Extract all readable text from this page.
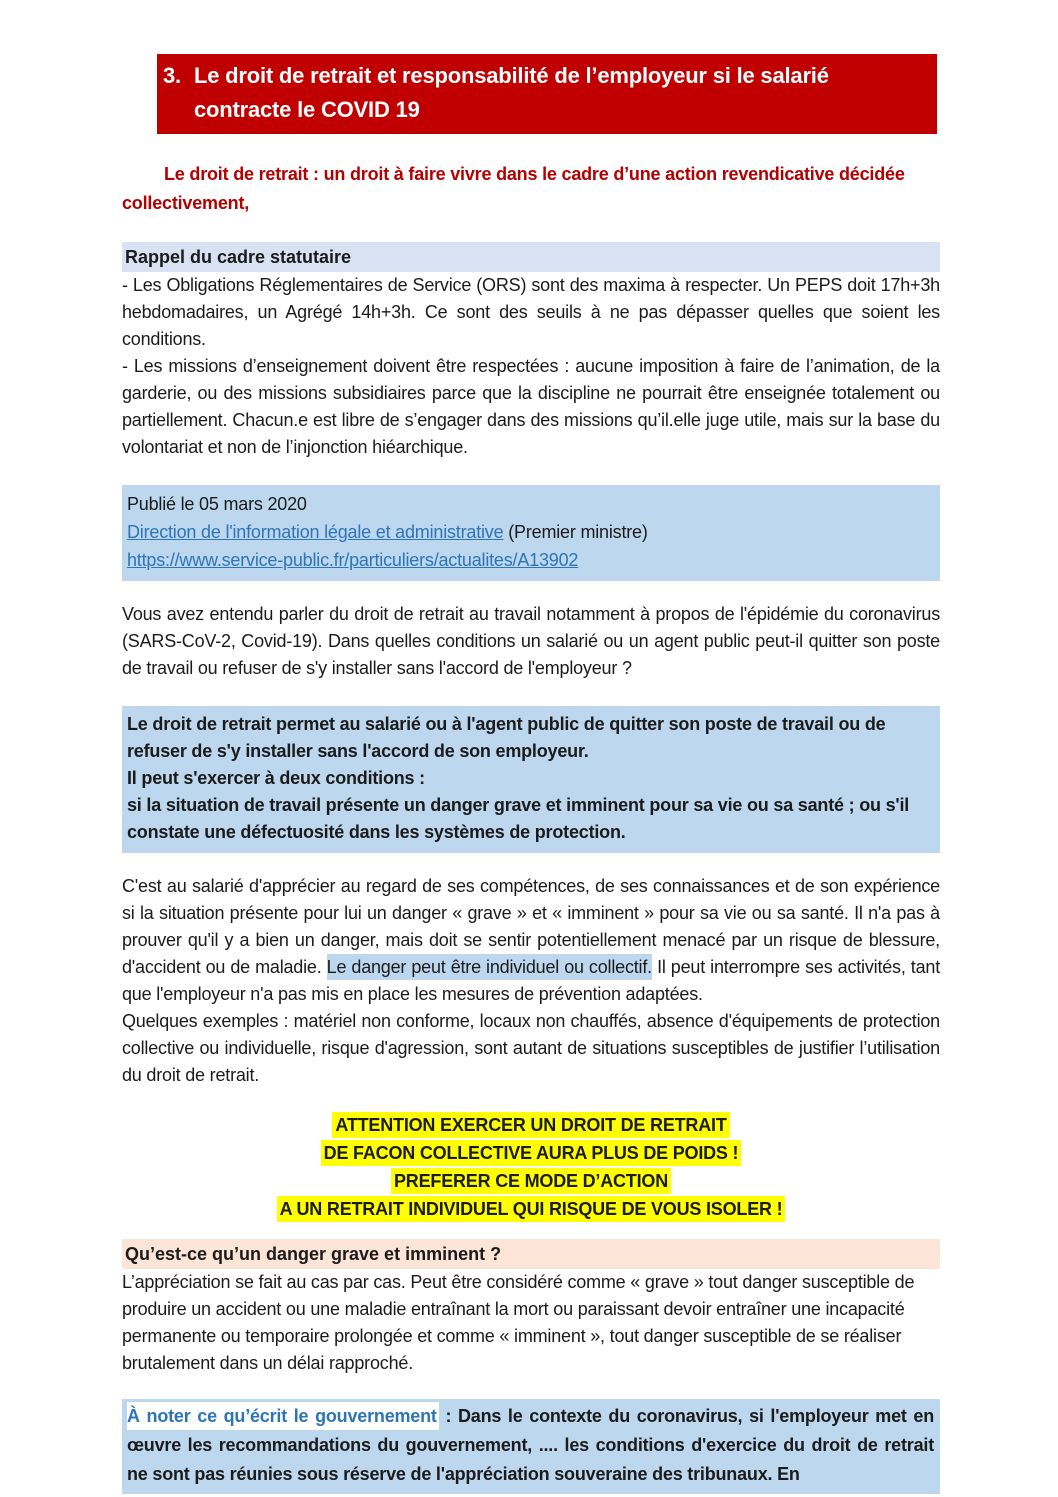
3. Le droit de retrait et responsabilité de l’employeur si le salarié contracte le COVID 19

Le droit de retrait : un droit à faire vivre dans le cadre d’une action revendicative décidée collectivement,

Rappel du cadre statutaire

- Les Obligations Réglementaires de Service (ORS) sont des maxima à respecter. Un PEPS doit 17h+3h hebdomadaires, un Agrégé 14h+3h. Ce sont des seuils à ne pas dépasser quelles que soient les conditions.

- Les missions d’enseignement doivent être respectées : aucune imposition à faire de l’animation, de la garderie, ou des missions subsidiaires parce que la discipline ne pourrait être enseignée totalement ou partiellement. Chacun.e est libre de s’engager dans des missions qu’il.elle juge utile, mais sur la base du volontariat et non de l’injonction hiéarchique.

Publié le 05 mars 2020
Direction de l'information légale et administrative (Premier ministre)
https://www.service-public.fr/particuliers/actualites/A13902

Vous avez entendu parler du droit de retrait au travail notamment à propos de l'épidémie du coronavirus (SARS-CoV-2, Covid-19). Dans quelles conditions un salarié ou un agent public peut-il quitter son poste de travail ou refuser de s'y installer sans l'accord de l'employeur ?

Le droit de retrait permet au salarié ou à l'agent public de quitter son poste de travail ou de refuser de s'y installer sans l'accord de son employeur.
Il peut s'exercer à deux conditions :
si la situation de travail présente un danger grave et imminent pour sa vie ou sa santé ; ou s'il constate une défectuosité dans les systèmes de protection.

C'est au salarié d'apprécier au regard de ses compétences, de ses connaissances et de son expérience si la situation présente pour lui un danger « grave » et « imminent » pour sa vie ou sa santé. Il n'a pas à prouver qu'il y a bien un danger, mais doit se sentir potentiellement menacé par un risque de blessure, d'accident ou de maladie. Le danger peut être individuel ou collectif. Il peut interrompre ses activités, tant que l'employeur n'a pas mis en place les mesures de prévention adaptées.

Quelques exemples : matériel non conforme, locaux non chauffés, absence d'équipements de protection collective ou individuelle, risque d'agression, sont autant de situations susceptibles de justifier l’utilisation du droit de retrait.

ATTENTION EXERCER UN DROIT DE RETRAIT
DE FACON COLLECTIVE AURA PLUS DE POIDS !
PREFERER CE MODE D’ACTION
A UN RETRAIT INDIVIDUEL QUI RISQUE DE VOUS ISOLER !
Qu’est-ce qu’un danger grave et imminent ?

L’appréciation se fait au cas par cas. Peut être considéré comme « grave » tout danger susceptible de produire un accident ou une maladie entraînant la mort ou paraissant devoir entraîner une incapacité permanente ou temporaire prolongée et comme « imminent », tout danger susceptible de se réaliser brutalement dans un délai rapproché.

À noter ce qu’écrit le gouvernement : Dans le contexte du coronavirus, si l'employeur met en œuvre les recommandations du gouvernement, .... les conditions d'exercice du droit de retrait ne sont pas réunies sous réserve de l'appréciation souveraine des tribunaux. En
